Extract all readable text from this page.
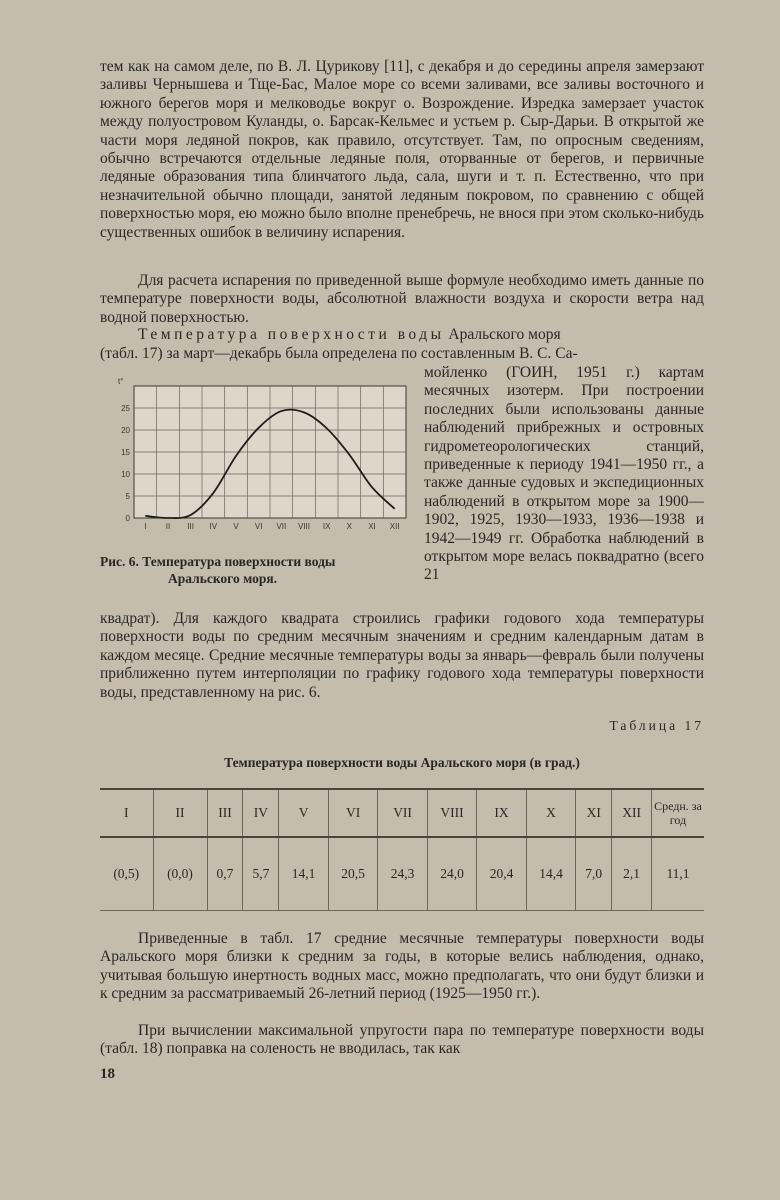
тем как на самом деле, по В. Л. Цурикову [11], с декабря и до середины апреля замерзают заливы Чернышева и Тще-Бас, Малое море со всеми заливами, все заливы восточного и южного берегов моря и мелководье вокруг о. Возрождение. Изредка замерзает участок между полуостровом Куланды, о. Барсак-Кельмес и устьем р. Сыр-Дарьи. В открытой же части моря ледяной покров, как правило, отсутствует. Там, по опросным сведениям, обычно встречаются отдельные ледяные поля, оторванные от берегов, и первичные ледяные образования типа блинчатого льда, сала, шуги и т. п. Естественно, что при незначительной обычно площади, занятой ледяным покровом, по сравнению с общей поверхностью моря, ею можно было вполне пренебречь, не внося при этом сколько-нибудь существенных ошибок в величину испарения.

Для расчета испарения по приведенной выше формуле необходимо иметь данные по температуре поверхности воды, абсолютной влажности воздуха и скорости ветра над водной поверхностью.

Температура поверхности воды Аральского моря

(табл. 17) за март—декабрь была определена по составленным В. С. Са-

0
5
10
15
20
25
t°
I II III IV V VI VII VIII IX X XI XII

Рис. 6. Температура поверхности воды
Аральского моря.

мойленко (ГОИН, 1951 г.) картам месячных изотерм. При построении последних были использованы данные наблюдений прибрежных и островных гидрометеорологических станций, приведенные к периоду 1941—1950 гг., а также данные судовых и экспедиционных наблюдений в открытом море за 1900—1902, 1925, 1930—1933, 1936—1938 и 1942—1949 гг. Обработка наблюдений в открытом море велась поквадратно (всего 21

квадрат). Для каждого квадрата строились графики годового хода температуры поверхности воды по средним месячным значениям и средним календарным датам в каждом месяце. Средние месячные температуры воды за январь—февраль были получены приближенно путем интерполяции по графику годового хода температуры поверхности воды, представленному на рис. 6.

Таблица 17

Температура поверхности воды Аральского моря (в град.)

I	II	III	IV	V	VI	VII	VIII	IX	X	XI	XII	Средн. за год
(0,5)	(0,0)	0,7	5,7	14,1	20,5	24,3	24,0	20,4	14,4	7,0	2,1	11,1

Приведенные в табл. 17 средние месячные температуры поверхности воды Аральского моря близки к средним за годы, в которые велись наблюдения, однако, учитывая большую инертность водных масс, можно предполагать, что они будут близки и к средним за рассматриваемый 26-летний период (1925—1950 гг.).

При вычислении максимальной упругости пара по температуре поверхности воды (табл. 18) поправка на соленость не вводилась, так как

18
